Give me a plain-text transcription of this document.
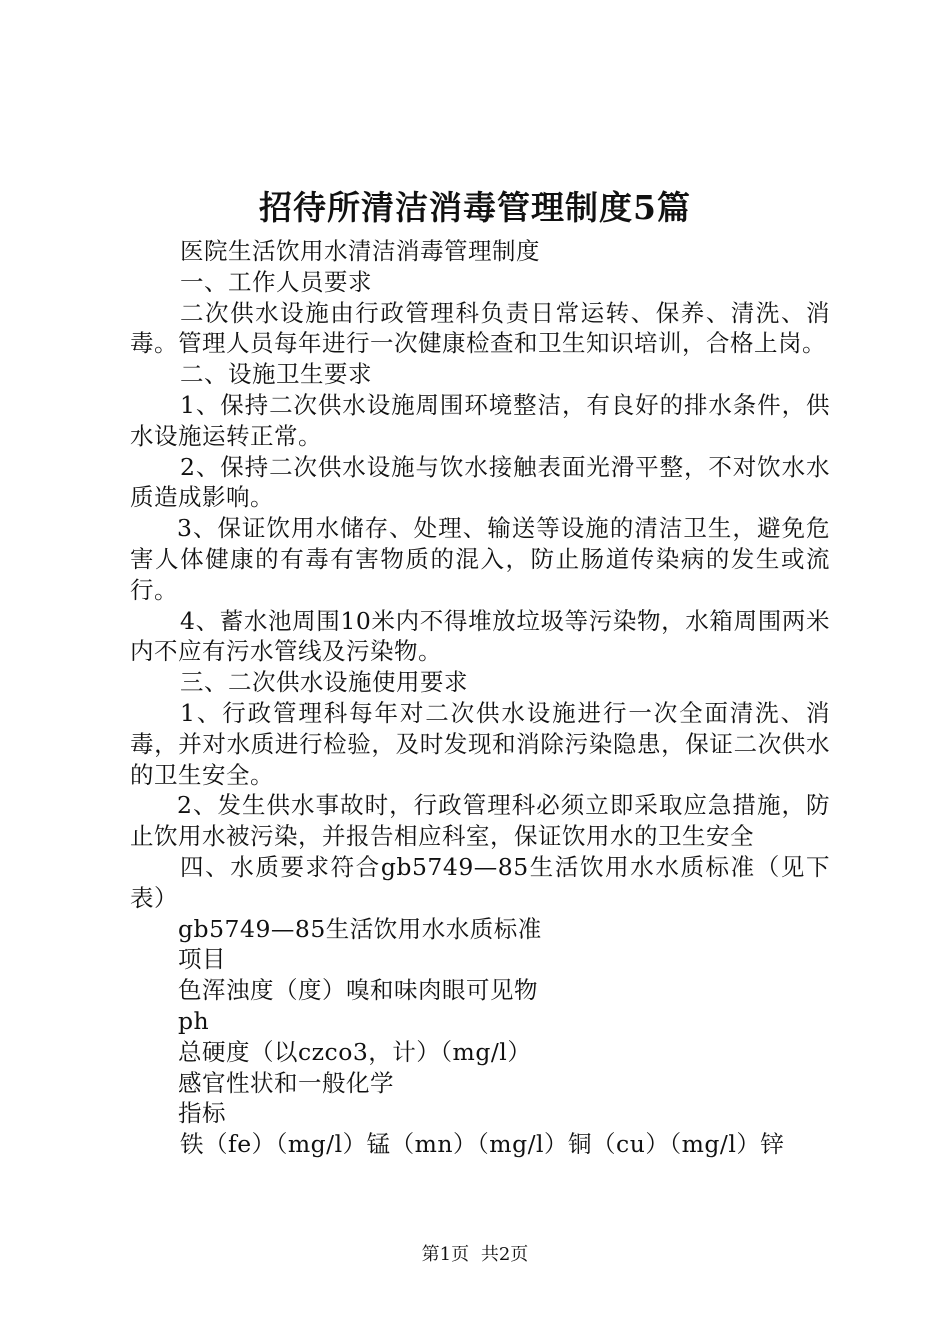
招待所清洁消毒管理制度5篇

医院生活饮用水清洁消毒管理制度

一、工作人员要求

二次供水设施由行政管理科负责日常运转、保养、清洗、消毒。管理人员每年进行一次健康检查和卫生知识培训，合格上岗。

二、设施卫生要求

1、保持二次供水设施周围环境整洁，有良好的排水条件，供水设施运转正常。

2、保持二次供水设施与饮水接触表面光滑平整，不对饮水水质造成影响。

3、保证饮用水储存、处理、输送等设施的清洁卫生，避免危害人体健康的有毒有害物质的混入，防止肠道传染病的发生或流行。

4、蓄水池周围10米内不得堆放垃圾等污染物，水箱周围两米内不应有污水管线及污染物。

三、二次供水设施使用要求

1、行政管理科每年对二次供水设施进行一次全面清洗、消毒，并对水质进行检验，及时发现和消除污染隐患，保证二次供水的卫生安全。

2、发生供水事故时，行政管理科必须立即采取应急措施，防止饮用水被污染，并报告相应科室，保证饮用水的卫生安全

四、水质要求符合gb5749—85生活饮用水水质标准（见下表）

gb5749—85生活饮用水水质标准

项目

色浑浊度（度）嗅和味肉眼可见物

ph

总硬度（以czco3，计）（mg/l）

感官性状和一般化学

指标

铁（fe）（mg/l）锰（mn）（mg/l）铜（cu）（mg/l）锌

第1页 共2页
